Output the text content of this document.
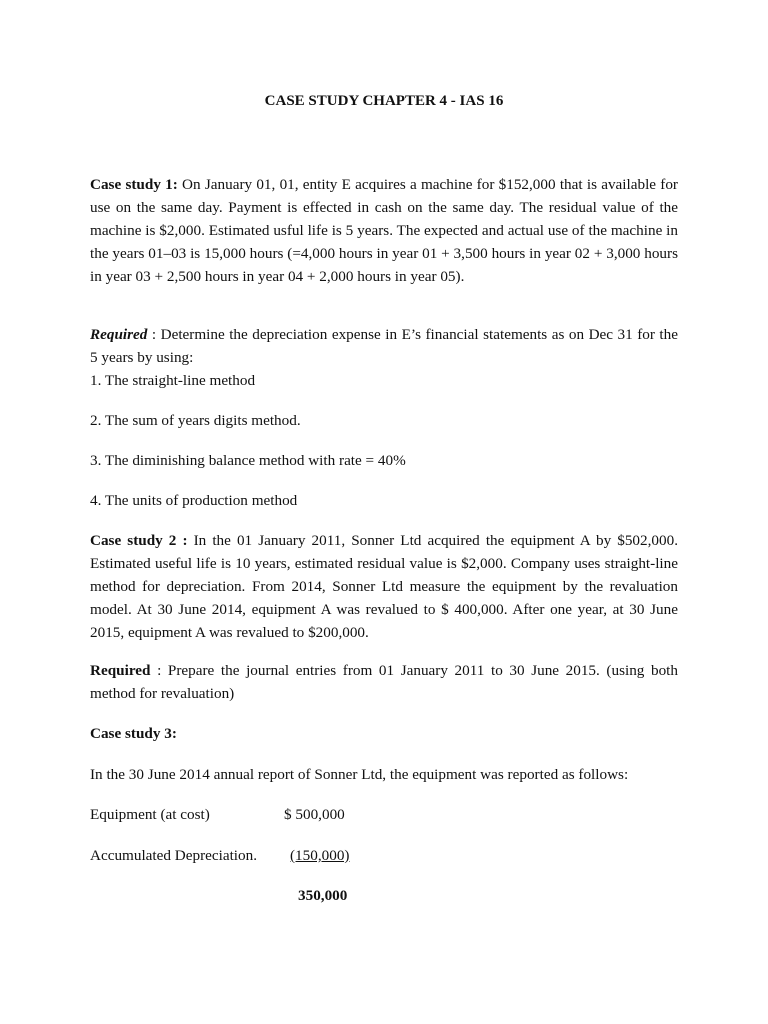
CASE STUDY CHAPTER 4 - IAS 16

Case study 1: On January 01, 01, entity E acquires a machine for $152,000 that is available for use on the same day. Payment is effected in cash on the same day. The residual value of the machine is $2,000. Estimated usful life is 5 years. The expected and actual use of the machine in the years 01–03 is 15,000 hours (=4,000 hours in year 01 + 3,500 hours in year 02 + 3,000 hours in year 03 + 2,500 hours in year 04 + 2,000 hours in year 05).

Required : Determine the depreciation expense in E’s financial statements as on Dec 31 for the 5 years by using:

1. The straight-line method

2. The sum of years digits method.

3. The diminishing balance method with rate = 40%

4. The units of production method

Case study 2 : In the 01 January 2011, Sonner Ltd acquired the equipment A by $502,000. Estimated useful life is 10 years, estimated residual value is $2,000. Company uses straight-line method for depreciation. From 2014, Sonner Ltd measure the equipment by the revaluation model. At 30 June 2014, equipment A was revalued to $ 400,000. After one year, at 30 June 2015, equipment A was revalued to $200,000.

Required : Prepare the journal entries from 01 January 2011 to 30 June 2015. (using both method for revaluation)

Case study 3:

In the 30 June 2014 annual report of Sonner Ltd, the equipment was reported as follows:

Equipment (at cost)	$ 500,000
Accumulated Depreciation. (150,000)
350,000
